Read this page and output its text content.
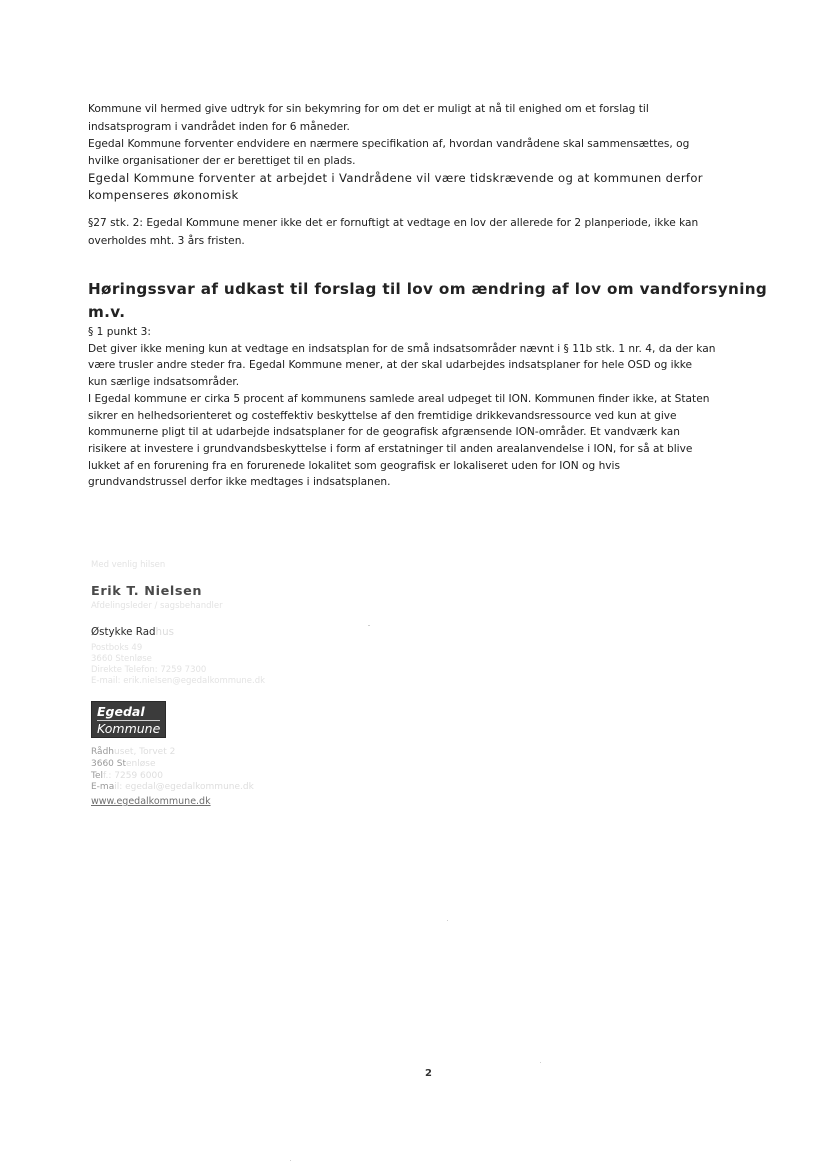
Kommune vil hermed give udtryk for sin bekymring for om det er muligt at nå til enighed om et forslag til
indsatsprogram i vandrådet inden for 6 måneder.
Egedal Kommune forventer endvidere en nærmere specifikation af, hvordan vandrådene skal sammensættes, og
hvilke organisationer der er berettiget til en plads.
Egedal Kommune forventer at arbejdet i Vandrådene vil være tidskrævende og at kommunen derfor
kompenseres økonomisk
§27 stk. 2: Egedal Kommune mener ikke det er fornuftigt at vedtage en lov der allerede for 2 planperiode, ikke kan
overholdes mht. 3 års fristen.
Høringssvar af udkast til forslag til lov om ændring af lov om vandforsyning
m.v.
§ 1 punkt 3:
Det giver ikke mening kun at vedtage en indsatsplan for de små indsatsområder nævnt i § 11b stk. 1 nr. 4, da der kan
være trusler andre steder fra. Egedal Kommune mener, at der skal udarbejdes indsatsplaner for hele OSD og ikke
kun særlige indsatsområder.
I Egedal kommune er cirka 5 procent af kommunens samlede areal udpeget til ION. Kommunen finder ikke, at Staten
sikrer en helhedsorienteret og costeffektiv beskyttelse af den fremtidige drikkevandsressource ved kun at give
kommunerne pligt til at udarbejde indsatsplaner for de geografisk afgrænsende ION-områder. Et vandværk kan
risikere at investere i grundvandsbeskyttelse i form af erstatninger til anden arealanvendelse i ION, for så at blive
lukket af en forurening fra en forurenede lokalitet som geografisk er lokaliseret uden for ION og hvis
grundvandstrussel derfor ikke medtages i indsatsplanen.
Med venlig hilsen
Erik T. Nielsen
Afdelingsleder / sagsbehandler
Østykke Radhus
Postboks 49
3660 Stenløse
Direkte Telefon: 7259 7300
E-mail: erik.nielsen@egedalkommune.dk
Egedal
Kommune
Rådhuset, Torvet 2
3660 Stenløse
Telf.: 7259 6000
E-mail: egedal@egedalkommune.dk
www.egedalkommune.dk
2
